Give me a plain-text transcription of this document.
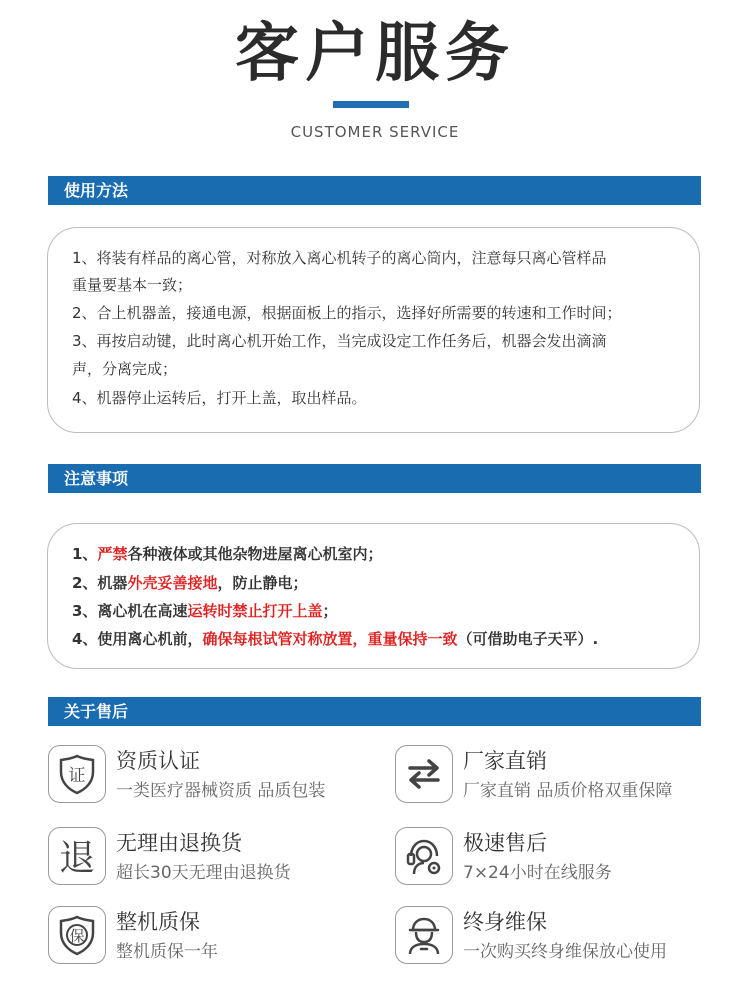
客户服务
CUSTOMER SERVICE
使用方法
1、将装有样品的离心管，对称放入离心机转子的离心筒内，注意每只离心管样品
重量要基本一致；
2、合上机器盖，接通电源，根据面板上的指示，选择好所需要的转速和工作时间；
3、再按启动键，此时离心机开始工作，当完成设定工作任务后，机器会发出滴滴
声，分离完成；
4、机器停止运转后，打开上盖，取出样品。
注意事项
1、严禁各种液体或其他杂物进屋离心机室内；
2、机器外壳妥善接地，防止静电；
3、离心机在高速运转时禁止打开上盖；
4、使用离心机前，确保每根试管对称放置，重量保持一致（可借助电子天平）.
关于售后
证
资质认证
一类医疗器械资质 品质包装
厂家直销
厂家直销 品质价格双重保障
退 无理由退换货
超长30天无理由退换货
极速售后
7×24小时在线服务
保
整机质保
整机质保一年
终身维保
一次购买终身维保放心使用
